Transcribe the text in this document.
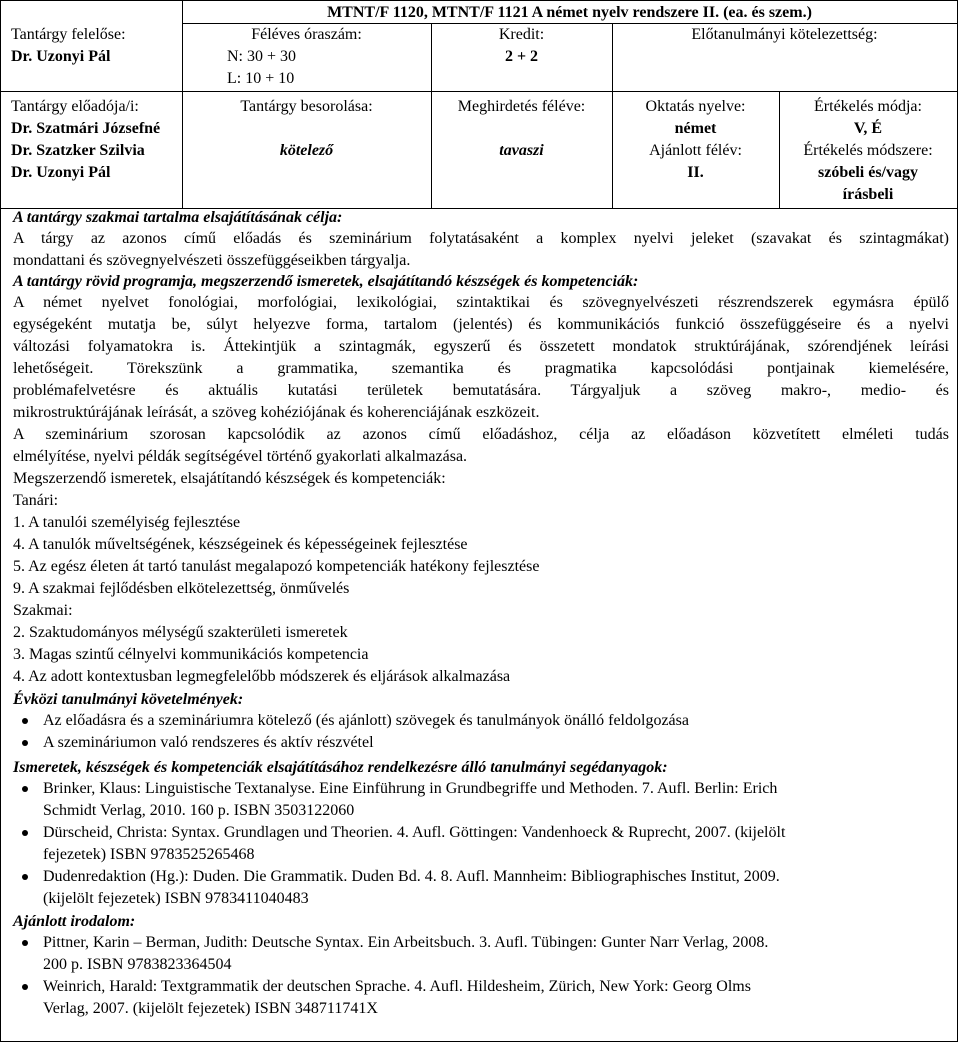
MTNT/F 1120, MTNT/F 1121 A német nyelv rendszere II. (ea. és szem.)
Tantárgy felelőse:
Dr. Uzonyi Pál
Féléves óraszám:
N: 30 + 30
L: 10 + 10
Kredit:
2 + 2
Előtanulmányi kötelezettség:
Tantárgy előadója/i:
Dr. Szatmári Józsefné
Dr. Szatzker Szilvia
Dr. Uzonyi Pál
Tantárgy besorolása:
kötelező
Meghirdetés féléve:
tavaszi
Oktatás nyelve:
német
Ajánlott félév:
II.
Értékelés módja:
V, É
Értékelés módszere:
szóbeli és/vagy
írásbeli
A tantárgy szakmai tartalma elsajátításának célja:
A tárgy az azonos című előadás és szeminárium folytatásaként a komplex nyelvi jeleket (szavakat és szintagmákat)
mondattani és szövegnyelvészeti összefüggéseikben tárgyalja.
A tantárgy rövid programja, megszerzendő ismeretek, elsajátítandó készségek és kompetenciák:
A német nyelvet fonológiai, morfológiai, lexikológiai, szintaktikai és szövegnyelvészeti részrendszerek egymásra épülő
egységeként mutatja be, súlyt helyezve forma, tartalom (jelentés) és kommunikációs funkció összefüggéseire és a nyelvi
változási folyamatokra is. Áttekintjük a szintagmák, egyszerű és összetett mondatok struktúrájának, szórendjének leírási
lehetőségeit. Törekszünk a grammatika, szemantika és pragmatika kapcsolódási pontjainak kiemelésére,
problémafelvetésre és aktuális kutatási területek bemutatására. Tárgyaljuk a szöveg makro-, medio- és
mikrostruktúrájának leírását, a szöveg kohéziójának és koherenciájának eszközeit.
A szeminárium szorosan kapcsolódik az azonos című előadáshoz, célja az előadáson közvetített elméleti tudás
elmélyítése, nyelvi példák segítségével történő gyakorlati alkalmazása.
Megszerzendő ismeretek, elsajátítandó készségek és kompetenciák:
Tanári:
1. A tanulói személyiség fejlesztése
4. A tanulók műveltségének, készségeinek és képességeinek fejlesztése
5. Az egész életen át tartó tanulást megalapozó kompetenciák hatékony fejlesztése
9. A szakmai fejlődésben elkötelezettség, önművelés
Szakmai:
2. Szaktudományos mélységű szakterületi ismeretek
3. Magas szintű célnyelvi kommunikációs kompetencia
4. Az adott kontextusban legmegfelelőbb módszerek és eljárások alkalmazása
Évközi tanulmányi követelmények:
Az előadásra és a szemináriumra kötelező (és ajánlott) szövegek és tanulmányok önálló feldolgozása
A szemináriumon való rendszeres és aktív részvétel
Ismeretek, készségek és kompetenciák elsajátításához rendelkezésre álló tanulmányi segédanyagok:
Brinker, Klaus: Linguistische Textanalyse. Eine Einführung in Grundbegriffe und Methoden. 7. Aufl. Berlin: Erich
Schmidt Verlag, 2010. 160 p. ISBN 3503122060
Dürscheid, Christa: Syntax. Grundlagen und Theorien. 4. Aufl. Göttingen: Vandenhoeck & Ruprecht, 2007. (kijelölt
fejezetek) ISBN 9783525265468
Dudenredaktion (Hg.): Duden. Die Grammatik. Duden Bd. 4. 8. Aufl. Mannheim: Bibliographisches Institut, 2009.
(kijelölt fejezetek) ISBN 9783411040483
Ajánlott irodalom:
Pittner, Karin – Berman, Judith: Deutsche Syntax. Ein Arbeitsbuch. 3. Aufl. Tübingen: Gunter Narr Verlag, 2008.
200 p. ISBN 9783823364504
Weinrich, Harald: Textgrammatik der deutschen Sprache. 4. Aufl. Hildesheim, Zürich, New York: Georg Olms
Verlag, 2007. (kijelölt fejezetek) ISBN 348711741X
